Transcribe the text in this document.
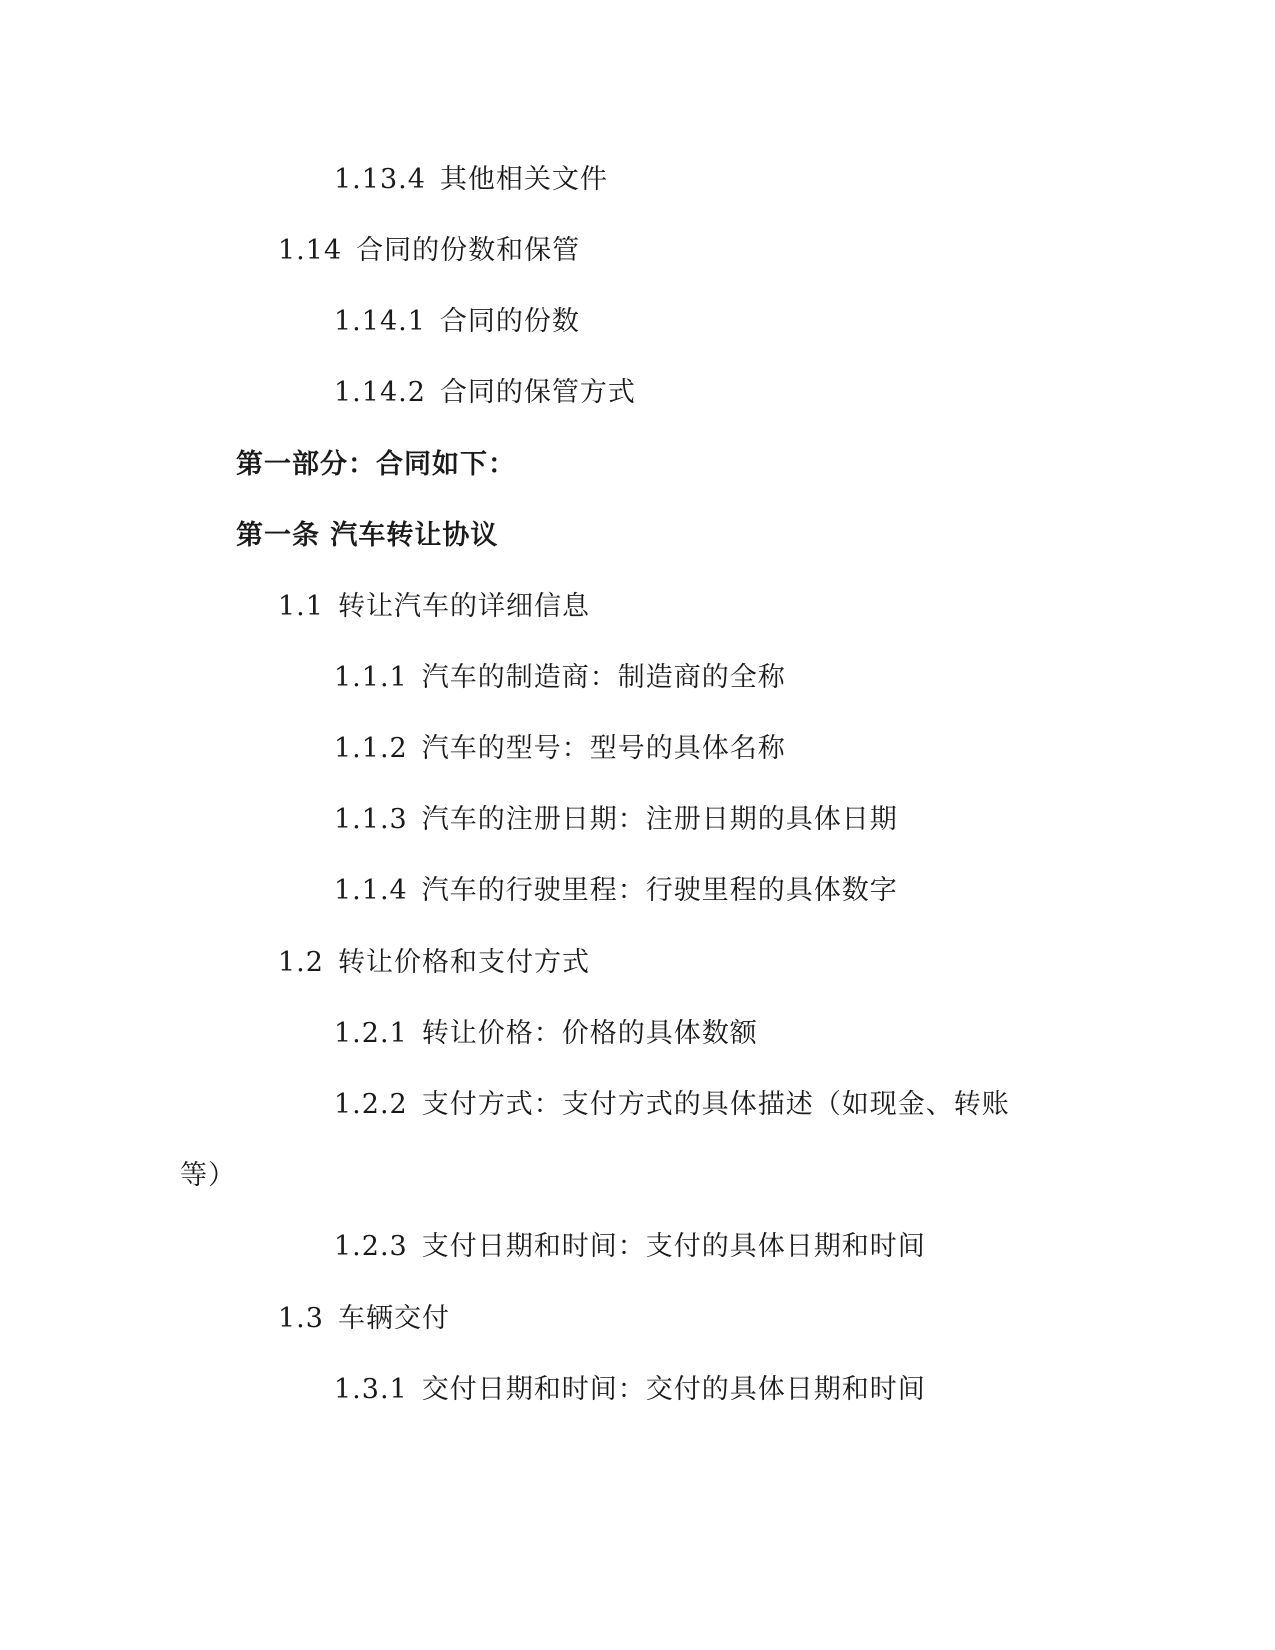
1.13.4 其他相关文件
1.14 合同的份数和保管
1.14.1 合同的份数
1.14.2 合同的保管方式
第一部分：合同如下：
第一条 汽车转让协议
1.1 转让汽车的详细信息
1.1.1 汽车的制造商：制造商的全称
1.1.2 汽车的型号：型号的具体名称
1.1.3 汽车的注册日期：注册日期的具体日期
1.1.4 汽车的行驶里程：行驶里程的具体数字
1.2 转让价格和支付方式
1.2.1 转让价格：价格的具体数额
1.2.2 支付方式：支付方式的具体描述（如现金、转账
等）
1.2.3 支付日期和时间：支付的具体日期和时间
1.3 车辆交付
1.3.1 交付日期和时间：交付的具体日期和时间
